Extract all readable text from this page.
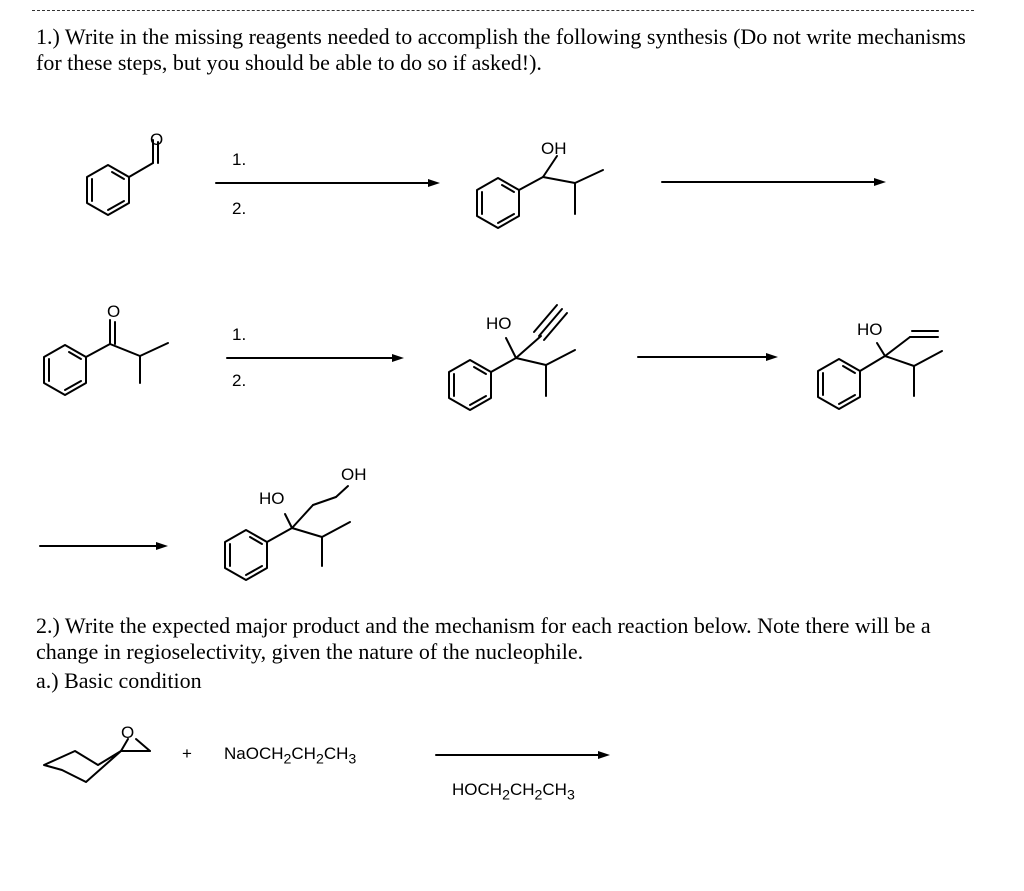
1.) Write in the missing reagents needed to accomplish the following synthesis (Do not write mechanisms for these steps, but you should be able to do so if asked!).

O
1.
2.
OH
O
1.
2.
HO	HO
HO
OH

2.) Write the expected major product and the mechanism for each reaction below. Note there will be a change in regioselectivity, given the nature of the nucleophile.

a.) Basic condition

O
+ $NaOCH_2CH_2CH_3$
$HOCH_2CH_2CH_3$
